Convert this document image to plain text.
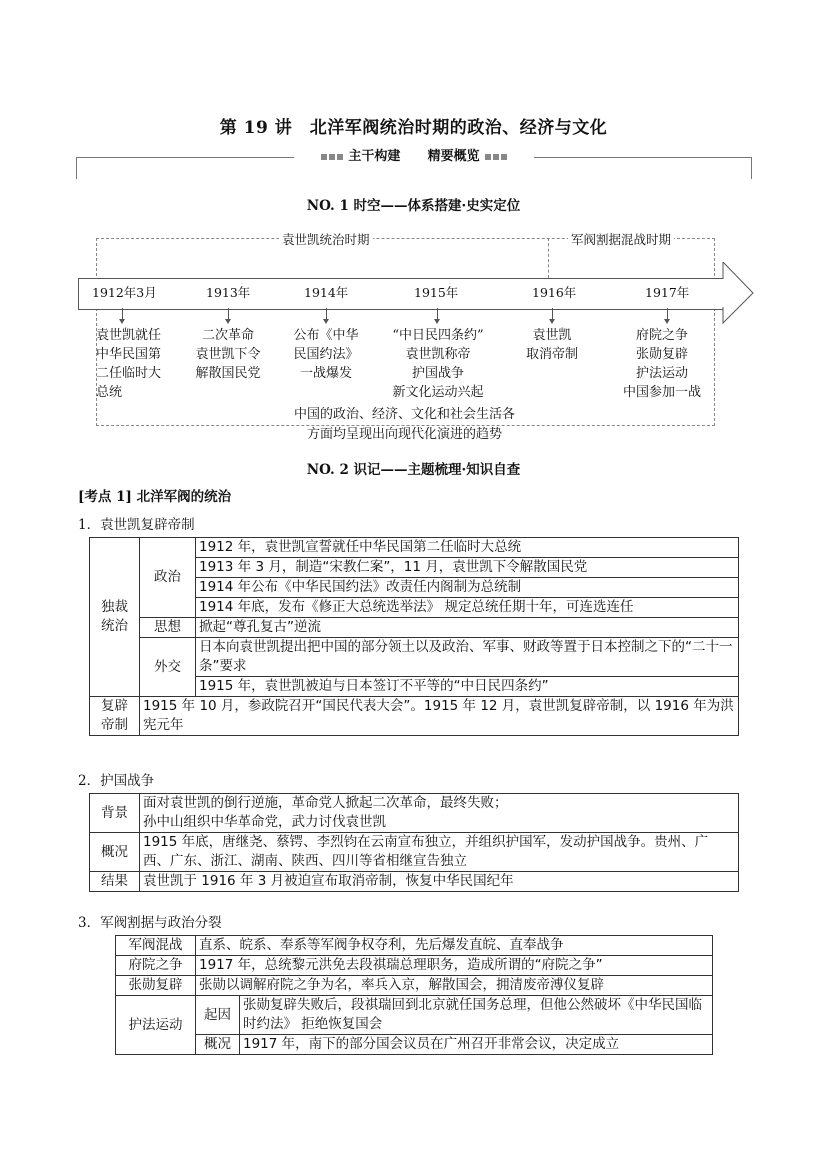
第 19 讲　北洋军阀统治时期的政治、经济与文化
主干构建 精要概览
NO. 1 时空——体系搭建·史实定位
袁世凯统治时期	军阀割据混战时期
1912年3月	1913年	1914年	1915年	1916年	1917年
袁世凯就任
中华民国第
二任临时大
总统
二次革命
袁世凯下令
解散国民党
公布《中华
民国约法》
一战爆发
“中日民四条约”
袁世凯称帝
护国战争
新文化运动兴起
袁世凯
取消帝制
府院之争
张勋复辟
护法运动
中国参加一战
中国的政治、经济、文化和社会生活各
方面均呈现出向现代化演进的趋势
NO. 2 识记——主题梳理·知识自查
[考点 1] 北洋军阀的统治
1．袁世凯复辟帝制
独裁统治	政治	1912 年，袁世凯宣誓就任中华民国第二任临时大总统
		1913 年 3 月，制造“宋教仁案”，11 月，袁世凯下令解散国民党
		1914 年公布《中华民国约法》改责任内阁制为总统制
		1914 年底，发布《修正大总统选举法》 规定总统任期十年，可连选连任
	思想	掀起“尊孔复古”逆流
	外交	日本向袁世凯提出把中国的部分领土以及政治、军事、财政等置于日本控制之下的“二十一条”要求
		1915 年，袁世凯被迫与日本签订不平等的“中日民四条约”

复辟帝制	1915 年 10 月，参政院召开“国民代表大会”。1915 年 12 月，袁世凯复辟帝制，以 1916 年为洪宪元年	
2．护国战争
背景	面对袁世凯的倒行逆施，革命党人掀起二次革命，最终失败；
孙中山组织中华革命党，武力讨伐袁世凯

概况	1915 年底，唐继尧、蔡锷、李烈钧在云南宣布独立，并组织护国军，发动护国战争。贵州、广西、广东、浙江、湖南、陕西、四川等省相继宣告独立
结果	袁世凯于 1916 年 3 月被迫宣布取消帝制，恢复中华民国纪年
3．军阀割据与政治分裂
军阀混战	直系、皖系、奉系等军阀争权夺利，先后爆发直皖、直奉战争	
府院之争	1917 年，总统黎元洪免去段祺瑞总理职务，造成所谓的“府院之争”	
张勋复辟	张勋以调解府院之争为名，率兵入京，解散国会，拥清废帝溥仪复辟	
护法运动	起因	张勋复辟失败后，段祺瑞回到北京就任国务总理，但他公然破坏《中华民国临时约法》 拒绝恢复国会
	概况	1917 年，南下的部分国会议员在广州召开非常会议，决定成立
